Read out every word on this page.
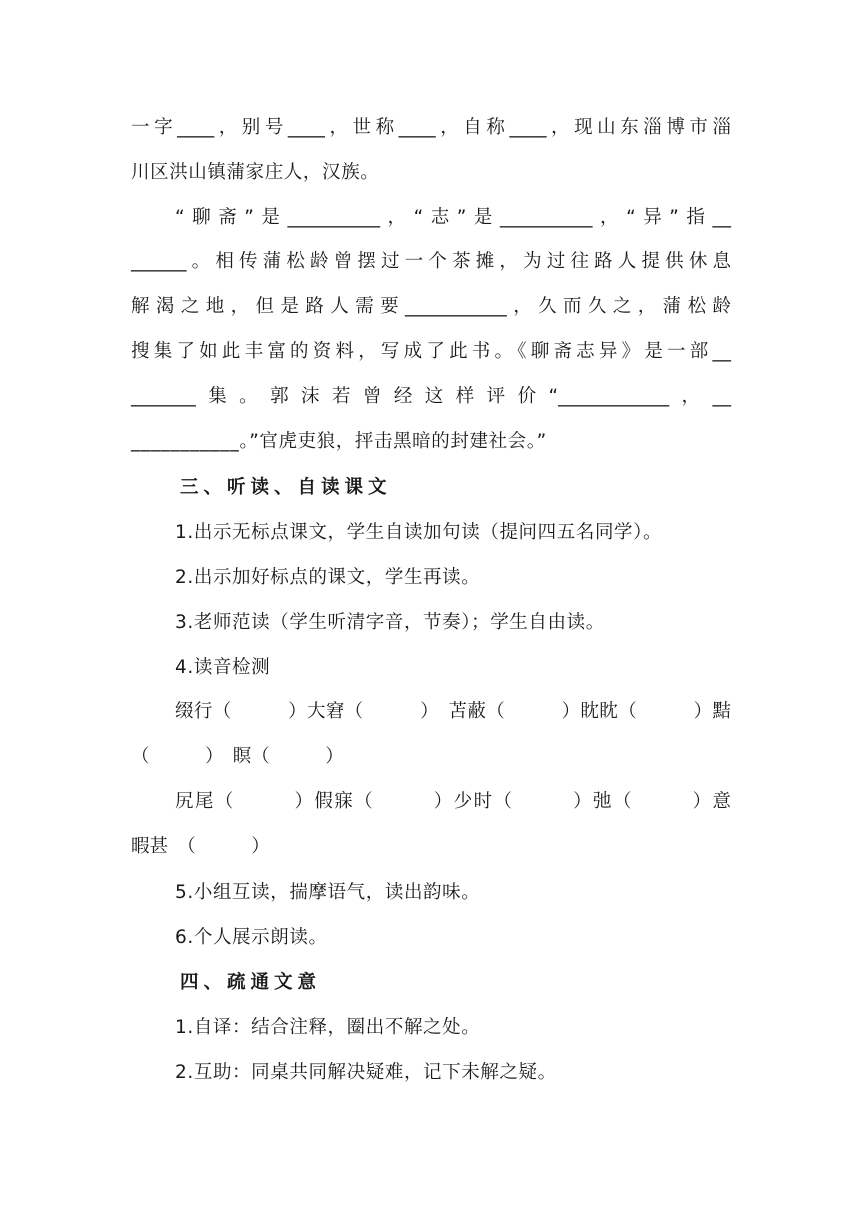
一字____，别号____，世称____，自称____，现山东淄博市淄
川区洪山镇蒲家庄人，汉族。
“聊斋”是__________，“志”是__________，“异”指__
______。相传蒲松龄曾摆过一个茶摊，为过往路人提供休息
解渴之地，但是路人需要___________，久而久之，蒲松龄
搜集了如此丰富的资料，写成了此书。《聊斋志异》是一部__
_______集。郭沫若曾经这样评价“____________，__
___________。”官虎吏狼，抨击黑暗的封建社会。”
三、听读、自读课文
1.出示无标点课文，学生自读加句读（提问四五名同学）。
2.出示加好标点的课文，学生再读。
3.老师范读（学生听清字音，节奏）；学生自由读。
4.读音检测
缀行（　　　）大窘（　　　）　苫蔽（　　　）眈眈（　　　）黠
（　　　）　瞑（　　　）
尻尾（　　　）假寐（　　　）少时（　　　）弛（　　　）意
暇甚　（　　　）
5.小组互读，揣摩语气，读出韵味。
6.个人展示朗读。
四、疏通文意
1.自译：结合注释，圈出不解之处。
2.互助：同桌共同解决疑难，记下未解之疑。
